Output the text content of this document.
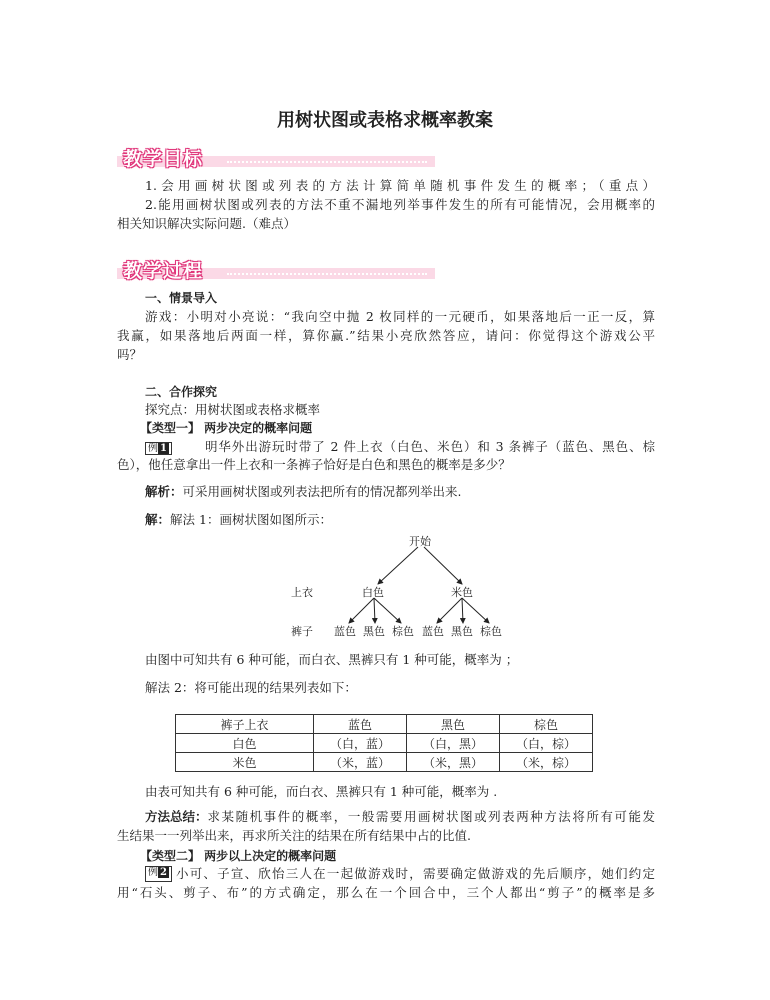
用树状图或表格求概率教案
教学目标
1.会用画树状图或列表的方法计算简单随机事件发生的概率；（重点）
2.能用画树状图或列表的方法不重不漏地列举事件发生的所有可能情况，会用概率的
相关知识解决实际问题.（难点）
教学过程
一、情景导入
游戏：小明对小亮说：“我向空中抛 2 枚同样的一元硬币，如果落地后一正一反，算
我赢，如果落地后两面一样，算你赢.”结果小亮欣然答应，请问：你觉得这个游戏公平
吗？
二、合作探究
探究点：用树状图或表格求概率
【类型一】 两步决定的概率问题
例 1	明华外出游玩时带了 2 件上衣（白色、米色）和 3 条裤子（蓝色、黑色、棕
色），他任意拿出一件上衣和一条裤子恰好是白色和黑色的概率是多少？
解析：可采用画树状图或列表法把所有的情况都列举出来.
解：解法 1：画树状图如图所示：
开始
上衣	白色	米色
裤子 蓝色 黑色 棕色 蓝色 黑色 棕色
由图中可知共有 6 种可能，而白衣、黑裤只有 1 种可能，概率为 ；
解法 2：将可能出现的结果列表如下：
裤子上衣	蓝色	黑色	棕色
白色	（白，蓝）	（白，黑）	（白，棕）
米色	（米，蓝）	（米，黑）	（米，棕）
由表可知共有 6 种可能，而白衣、黑裤只有 1 种可能，概率为 .
方法总结： 求某随机事件的概率，一般需要用画树状图或列表两种方法将所有可能发
生结果一一列举出来，再求所关注的结果在所有结果中占的比值.
【类型二】 两步以上决定的概率问题
例 2 小可、子宣、欣怡三人在一起做游戏时，需要确定做游戏的先后顺序，她们约定
用“石头、剪子、布”的方式确定，那么在一个回合中，三个人都出“剪子”的概率是多
